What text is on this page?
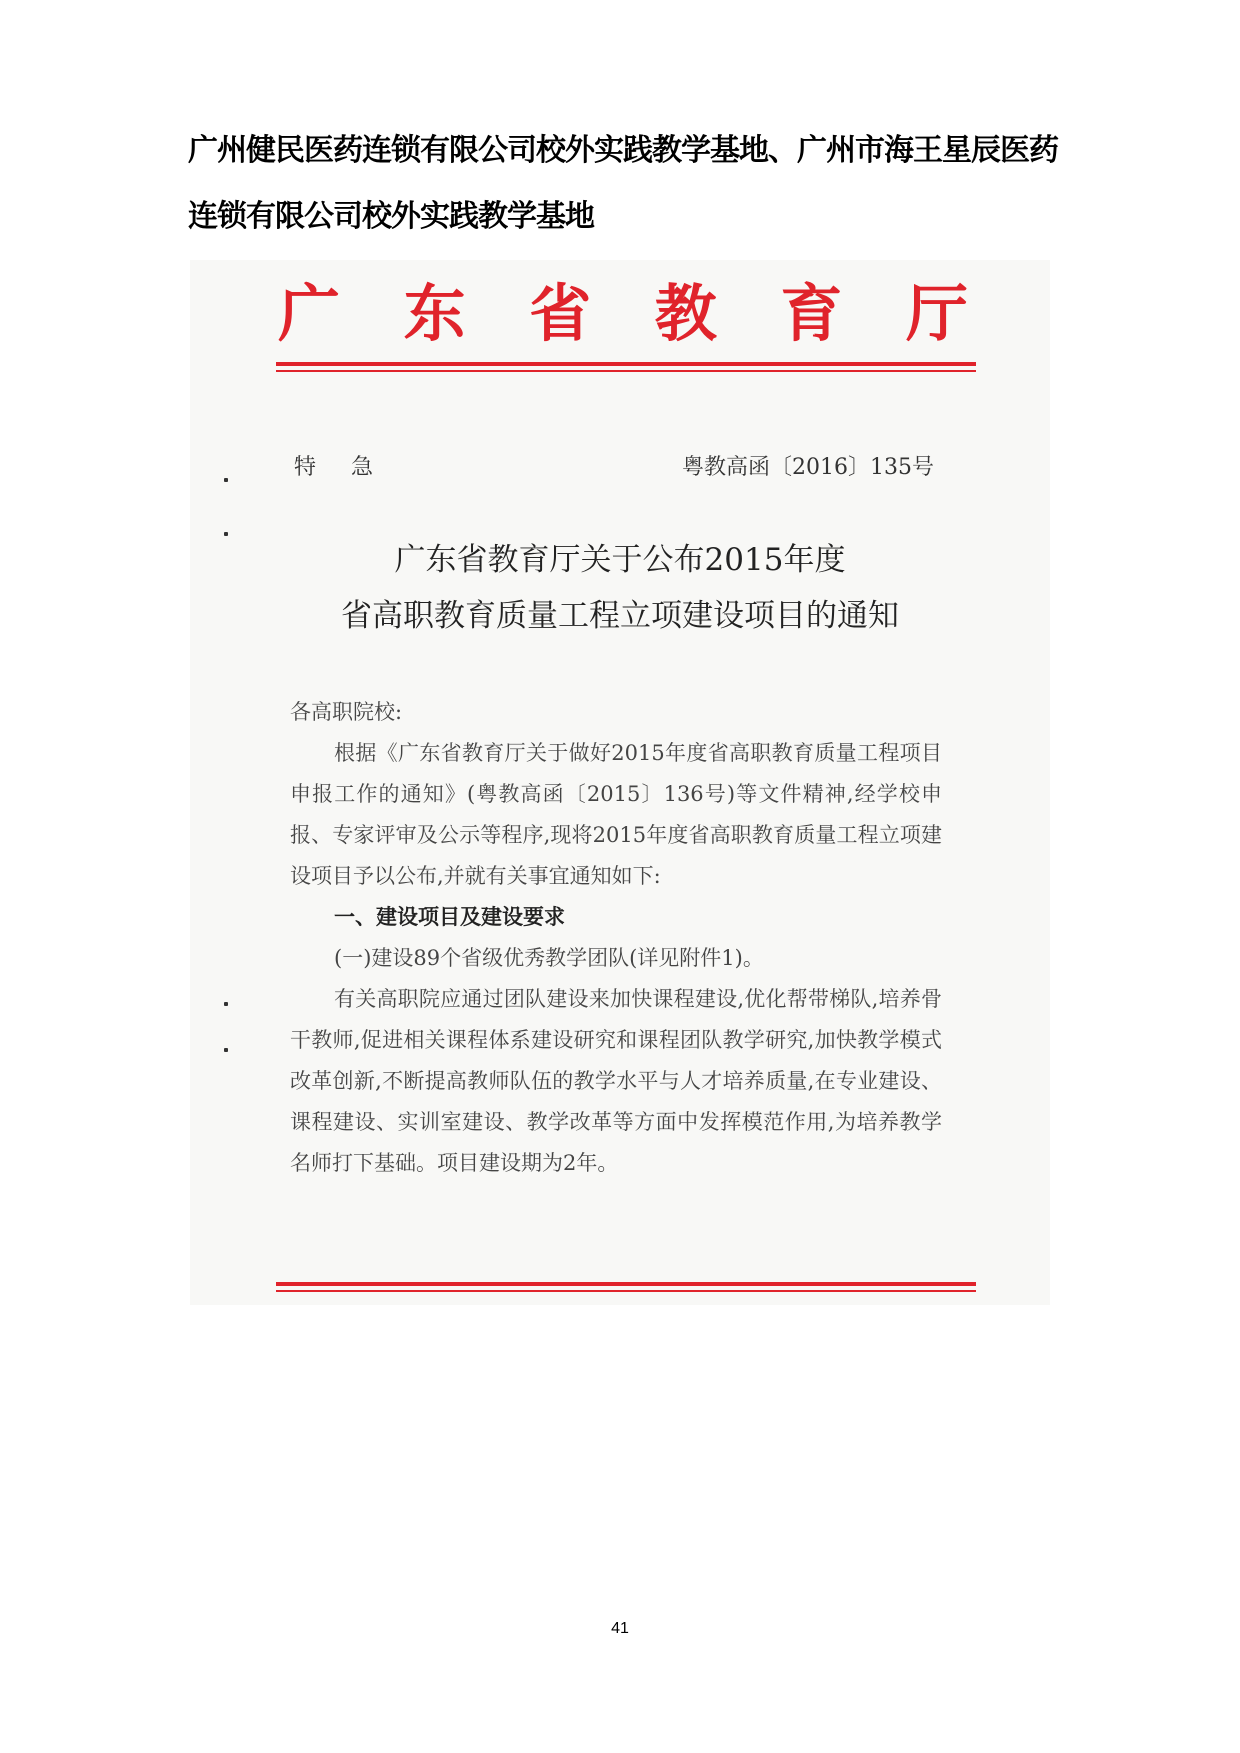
广州健民医药连锁有限公司校外实践教学基地、广州市海王星辰医药连锁有限公司校外实践教学基地
广 东 省 教 育 厅
特 急	粤教高函〔2016〕135号
广东省教育厅关于公布2015年度
省高职教育质量工程立项建设项目的通知

各高职院校:

根据《广东省教育厅关于做好2015年度省高职教育质量工程项目申报工作的通知》(粤教高函〔2015〕136号)等文件精神,经学校申报、专家评审及公示等程序,现将2015年度省高职教育质量工程立项建设项目予以公布,并就有关事宜通知如下:

一、建设项目及建设要求

(一)建设89个省级优秀教学团队(详见附件1)。

有关高职院应通过团队建设来加快课程建设,优化帮带梯队,培养骨干教师,促进相关课程体系建设研究和课程团队教学研究,加快教学模式改革创新,不断提高教师队伍的教学水平与人才培养质量,在专业建设、课程建设、实训室建设、教学改革等方面中发挥模范作用,为培养教学名师打下基础。项目建设期为2年。

41
